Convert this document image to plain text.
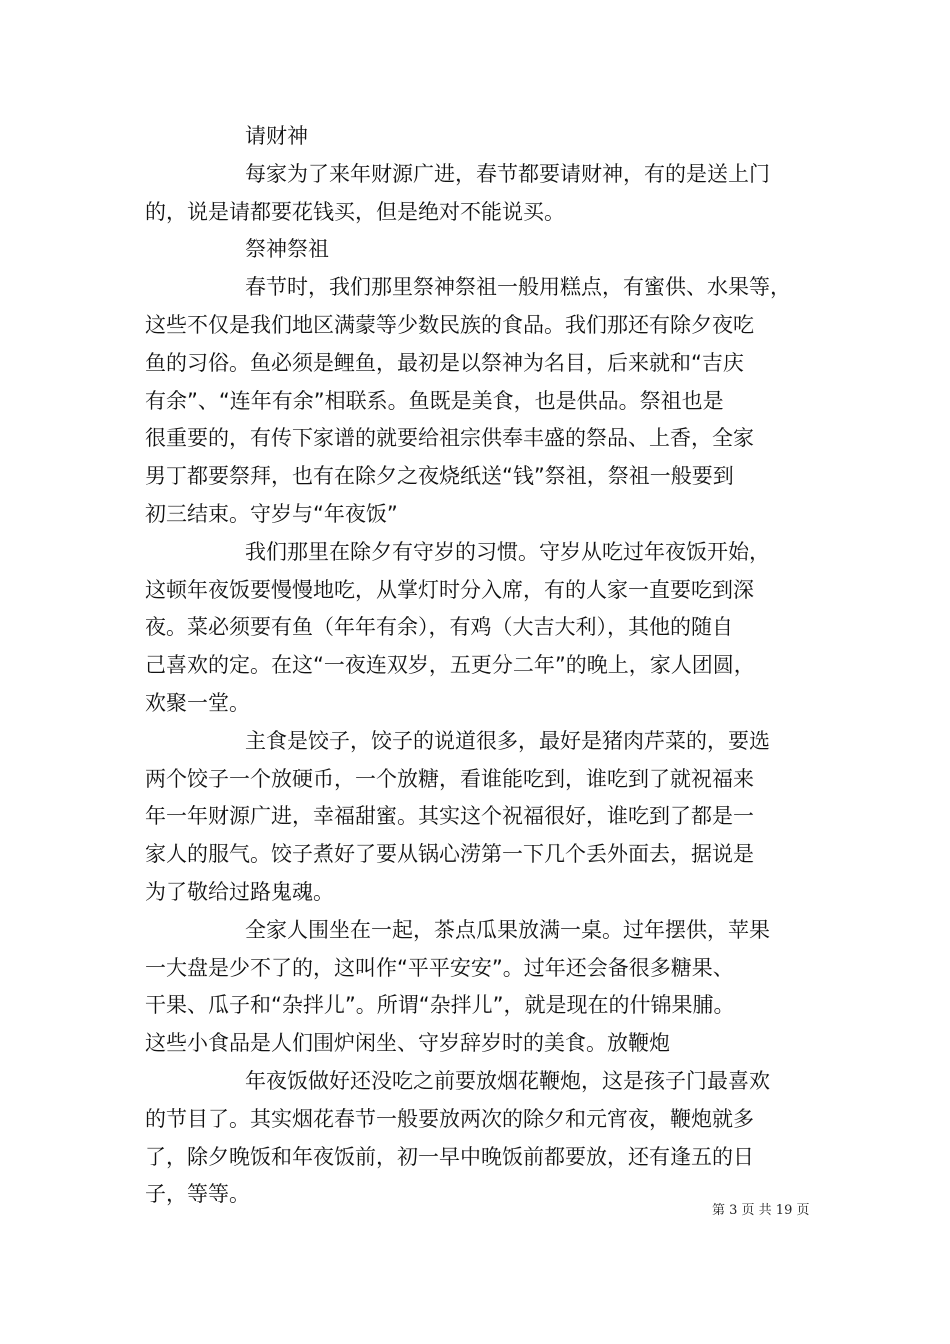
请财神
每家为了来年财源广进，春节都要请财神，有的是送上门
的，说是请都要花钱买，但是绝对不能说买。
祭神祭祖
春节时，我们那里祭神祭祖一般用糕点，有蜜供、水果等，
这些不仅是我们地区满蒙等少数民族的食品。我们那还有除夕夜吃
鱼的习俗。鱼必须是鲤鱼，最初是以祭神为名目，后来就和“吉庆
有余”、“连年有余”相联系。鱼既是美食，也是供品。祭祖也是
很重要的，有传下家谱的就要给祖宗供奉丰盛的祭品、上香，全家
男丁都要祭拜，也有在除夕之夜烧纸送“钱”祭祖，祭祖一般要到
初三结束。守岁与“年夜饭”
我们那里在除夕有守岁的习惯。守岁从吃过年夜饭开始，
这顿年夜饭要慢慢地吃，从掌灯时分入席，有的人家一直要吃到深
夜。菜必须要有鱼（年年有余），有鸡（大吉大利），其他的随自
己喜欢的定。在这“一夜连双岁，五更分二年”的晚上，家人团圆，
欢聚一堂。
主食是饺子，饺子的说道很多，最好是猪肉芹菜的，要选
两个饺子一个放硬币，一个放糖，看谁能吃到，谁吃到了就祝福来
年一年财源广进，幸福甜蜜。其实这个祝福很好，谁吃到了都是一
家人的服气。饺子煮好了要从锅心涝第一下几个丢外面去，据说是
为了敬给过路鬼魂。
全家人围坐在一起，茶点瓜果放满一桌。过年摆供，苹果
一大盘是少不了的，这叫作“平平安安”。过年还会备很多糖果、
干果、瓜子和“杂拌儿”。所谓“杂拌儿”，就是现在的什锦果脯。
这些小食品是人们围炉闲坐、守岁辞岁时的美食。放鞭炮
年夜饭做好还没吃之前要放烟花鞭炮，这是孩子门最喜欢
的节目了。其实烟花春节一般要放两次的除夕和元宵夜，鞭炮就多
了，除夕晚饭和年夜饭前，初一早中晚饭前都要放，还有逢五的日
子，等等。
第 3 页 共 19 页
